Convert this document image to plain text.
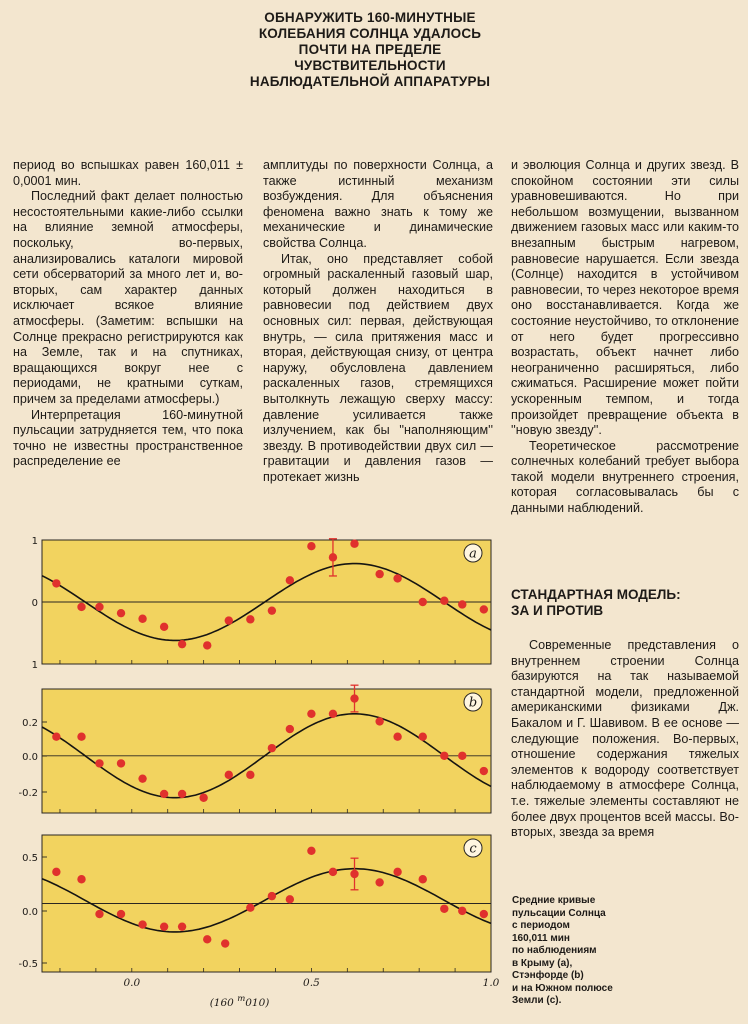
ОБНАРУЖИТЬ 160-МИНУТНЫЕ
КОЛЕБАНИЯ СОЛНЦА УДАЛОСЬ
ПОЧТИ НА ПРЕДЕЛЕ
ЧУВСТВИТЕЛЬНОСТИ
НАБЛЮДАТЕЛЬНОЙ АППАРАТУРЫ

период во вспышках равен 160,011 ± 0,0001 мин.

Последний факт делает полностью несостоятельными какие-либо ссылки на влияние земной атмосферы, поскольку, во-первых, анализировались каталоги мировой сети обсерваторий за много лет и, во-вторых, сам характер данных исключает всякое влияние атмосферы. (Заметим: вспышки на Солнце прекрасно регистрируются как на Земле, так и на спутниках, вращающихся вокруг нее с периодами, не кратными суткам, причем за пределами атмосферы.)

Интерпретация 160-минутной пульсации затрудняется тем, что пока точно не известны пространственное распределение ее

амплитуды по поверхности Солнца, а также истинный механизм возбуждения. Для объяснения феномена важно знать к тому же механические и динамические свойства Солнца.

Итак, оно представляет собой огромный раскаленный газовый шар, который должен находиться в равновесии под действием двух основных сил: первая, действующая внутрь, — сила притяжения масс и вторая, действующая снизу, от центра наружу, обусловлена давлением раскаленных газов, стремящихся вытолкнуть лежащую сверху массу: давление усиливается также излучением, как бы ''наполняющим'' звезду. В противодействии двух сил — гравитации и давления газов — протекает жизнь

и эволюция Солнца и других звезд. В спокойном состоянии эти силы уравновешиваются. Но при небольшом возмущении, вызванном движением газовых масс или каким-то внезапным быстрым нагревом, равновесие нарушается. Если звезда (Солнце) находится в устойчивом равновесии, то через некоторое время оно восстанавливается. Когда же состояние неустойчиво, то отклонение от него будет прогрессивно возрастать, объект начнет либо неограниченно расширяться, либо сжиматься. Расширение может пойти ускоренным темпом, и тогда произойдет превращение объекта в ''новую звезду''.

Теоретическое рассмотрение солнечных колебаний требует выбора такой модели внутреннего строения, которая согласовывалась бы с данными наблюдений.

СТАНДАРТНАЯ МОДЕЛЬ:
ЗА И ПРОТИВ

Современные представления о внутреннем строении Солнца базируются на так называемой стандартной модели, предложенной американскими физиками Дж. Бакалом и Г. Шавивом. В ее основе — следующие положения. Во-первых, отношение содержания тяжелых элементов к водороду соответствует наблюдаемому в атмосфере Солнца, т.е. тяжелые элементы составляют не более двух процентов всей массы. Во-вторых, звезда за время

Средние кривые
пульсации Солнца
с периодом
160,011 мин
по наблюдениям
в Крыму (a),
Стэнфорде (b)
и на Южном полюсе
Земли (c).
1
0
1
a
0.2
0.0
-0.2
b
0.5
0.0
-0.5
c
0.0	0.5	1.0
(160 $^m$010)
